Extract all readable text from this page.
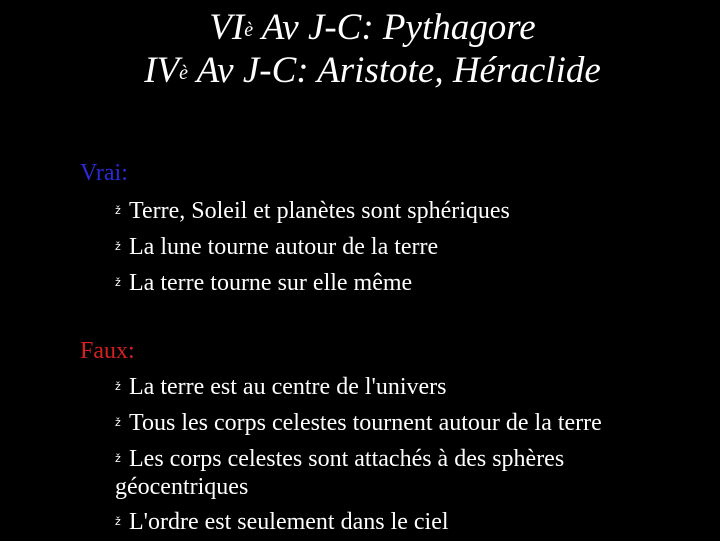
$VI^è$ Av J-C: Pythagore
$IV^è$ Av J-C: Aristote, Héraclide
Vrai:
ž Terre, Soleil et planètes sont sphériques
ž La lune tourne autour de la terre
ž La terre tourne sur elle même
Faux:
ž La terre est au centre de l'univers
ž Tous les corps celestes tournent autour de la terre
ž Les corps celestes sont attachés à des sphères
géocentriques
ž L'ordre est seulement dans le ciel
